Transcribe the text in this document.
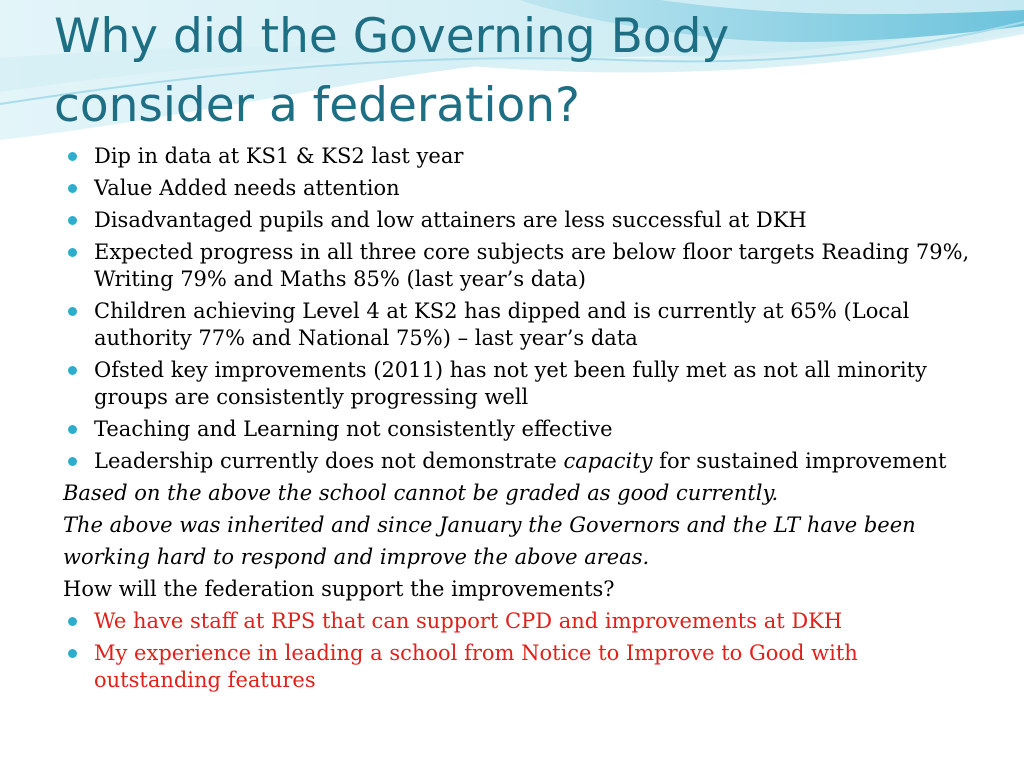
Why did the Governing Body
consider a federation?
Dip in data at KS1 & KS2 last year
Value Added needs attention
Disadvantaged pupils and low attainers are less successful at DKH
Expected progress in all three core subjects are below floor targets Reading 79%, Writing 79% and Maths 85% (last year’s data)
Children achieving Level 4 at KS2 has dipped and is currently at 65% (Local authority 77% and National 75%) – last year’s data
Ofsted key improvements (2011) has not yet been fully met as not all minority groups are consistently progressing well
Teaching and Learning not consistently effective
Leadership currently does not demonstrate capacity for sustained improvement
Based on the above the school cannot be graded as good currently.
The above was inherited and since January the Governors and the LT have been
working hard to respond and improve the above areas.
How will the federation support the improvements?
We have staff at RPS that can support CPD and improvements at DKH
My experience in leading a school from Notice to Improve to Good with outstanding features
